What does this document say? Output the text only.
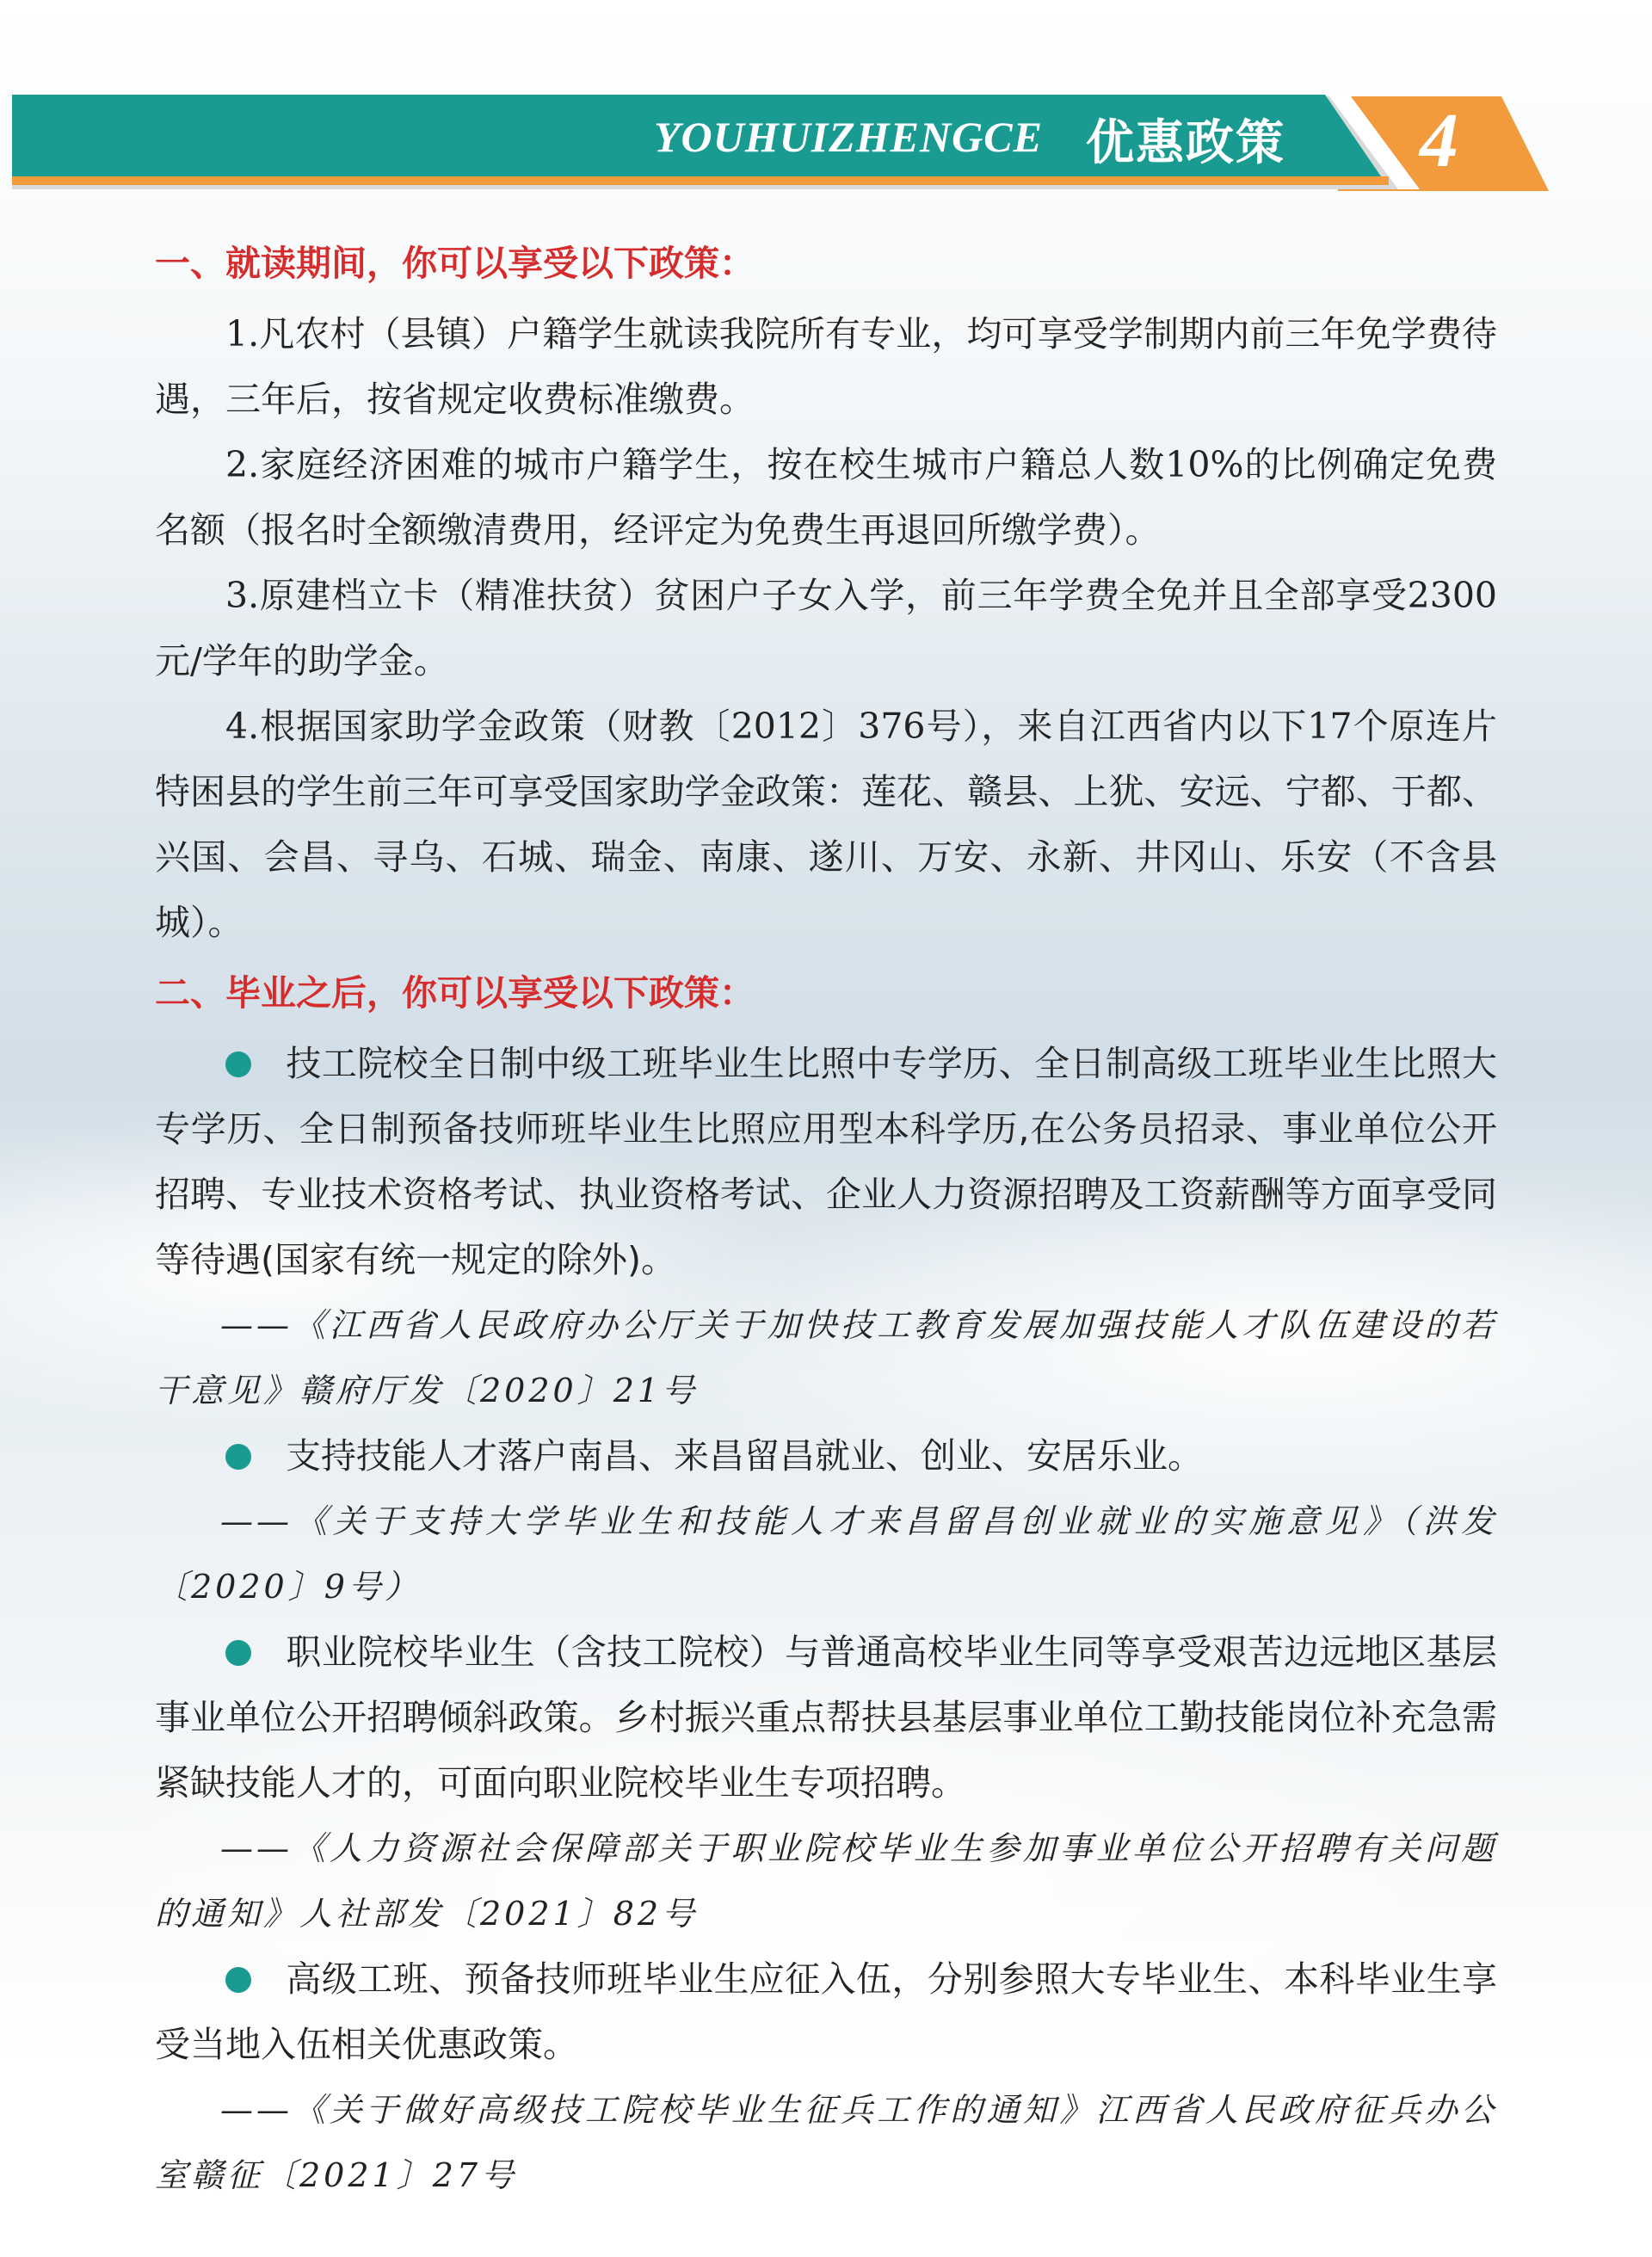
YOUHUIZHENGCE 优惠政策 4
一、就读期间，你可以享受以下政策：

1.凡农村（县镇）户籍学生就读我院所有专业，均可享受学制期内前三年免学费待遇，三年后，按省规定收费标准缴费。

2.家庭经济困难的城市户籍学生，按在校生城市户籍总人数10%的比例确定免费名额（报名时全额缴清费用，经评定为免费生再退回所缴学费）。

3.原建档立卡（精准扶贫）贫困户子女入学，前三年学费全免并且全部享受2300元/学年的助学金。

4.根据国家助学金政策（财教〔2012〕376号），来自江西省内以下17个原连片特困县的学生前三年可享受国家助学金政策：莲花、赣县、上犹、安远、宁都、于都、兴国、会昌、寻乌、石城、瑞金、南康、遂川、万安、永新、井冈山、乐安（不含县城）。

二、毕业之后，你可以享受以下政策：

技工院校全日制中级工班毕业生比照中专学历、全日制高级工班毕业生比照大专学历、全日制预备技师班毕业生比照应用型本科学历,在公务员招录、事业单位公开招聘、专业技术资格考试、执业资格考试、企业人力资源招聘及工资薪酬等方面享受同等待遇(国家有统一规定的除外)。

——《江西省人民政府办公厅关于加快技工教育发展加强技能人才队伍建设的若干意见》赣府厅发〔2020〕21号

支持技能人才落户南昌、来昌留昌就业、创业、安居乐业。

——《关于支持大学毕业生和技能人才来昌留昌创业就业的实施意见》（洪发〔2020〕9号）

职业院校毕业生（含技工院校）与普通高校毕业生同等享受艰苦边远地区基层事业单位公开招聘倾斜政策。乡村振兴重点帮扶县基层事业单位工勤技能岗位补充急需紧缺技能人才的，可面向职业院校毕业生专项招聘。

——《人力资源社会保障部关于职业院校毕业生参加事业单位公开招聘有关问题的通知》人社部发〔2021〕82号

高级工班、预备技师班毕业生应征入伍，分别参照大专毕业生、本科毕业生享受当地入伍相关优惠政策。

——《关于做好高级技工院校毕业生征兵工作的通知》江西省人民政府征兵办公室赣征〔2021〕27号
